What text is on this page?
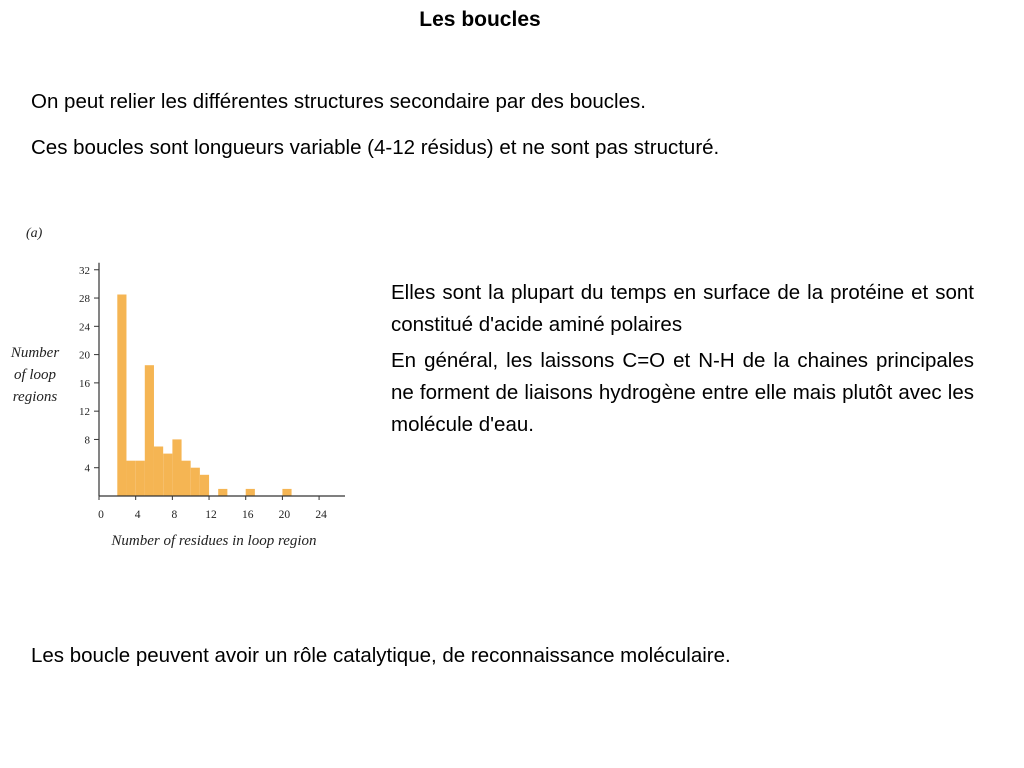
Les boucles
On peut relier les différentes structures secondaire par des boucles.
Ces boucles sont longueurs variable (4-12 résidus) et ne sont pas structuré.
4
8
12
16
20
24
28
32
0	4	8 12 16 20 24
(a)
Number
of loop
regions
Number of residues in loop region

Elles sont la plupart du temps en surface de la protéine et sont constitué d'acide aminé polaires

En général, les laissons C=O et N-H de la chaines principales ne forment de liaisons hydrogène entre elle mais plutôt avec les molécule d'eau.

Les boucle peuvent avoir un rôle catalytique, de reconnaissance moléculaire.
